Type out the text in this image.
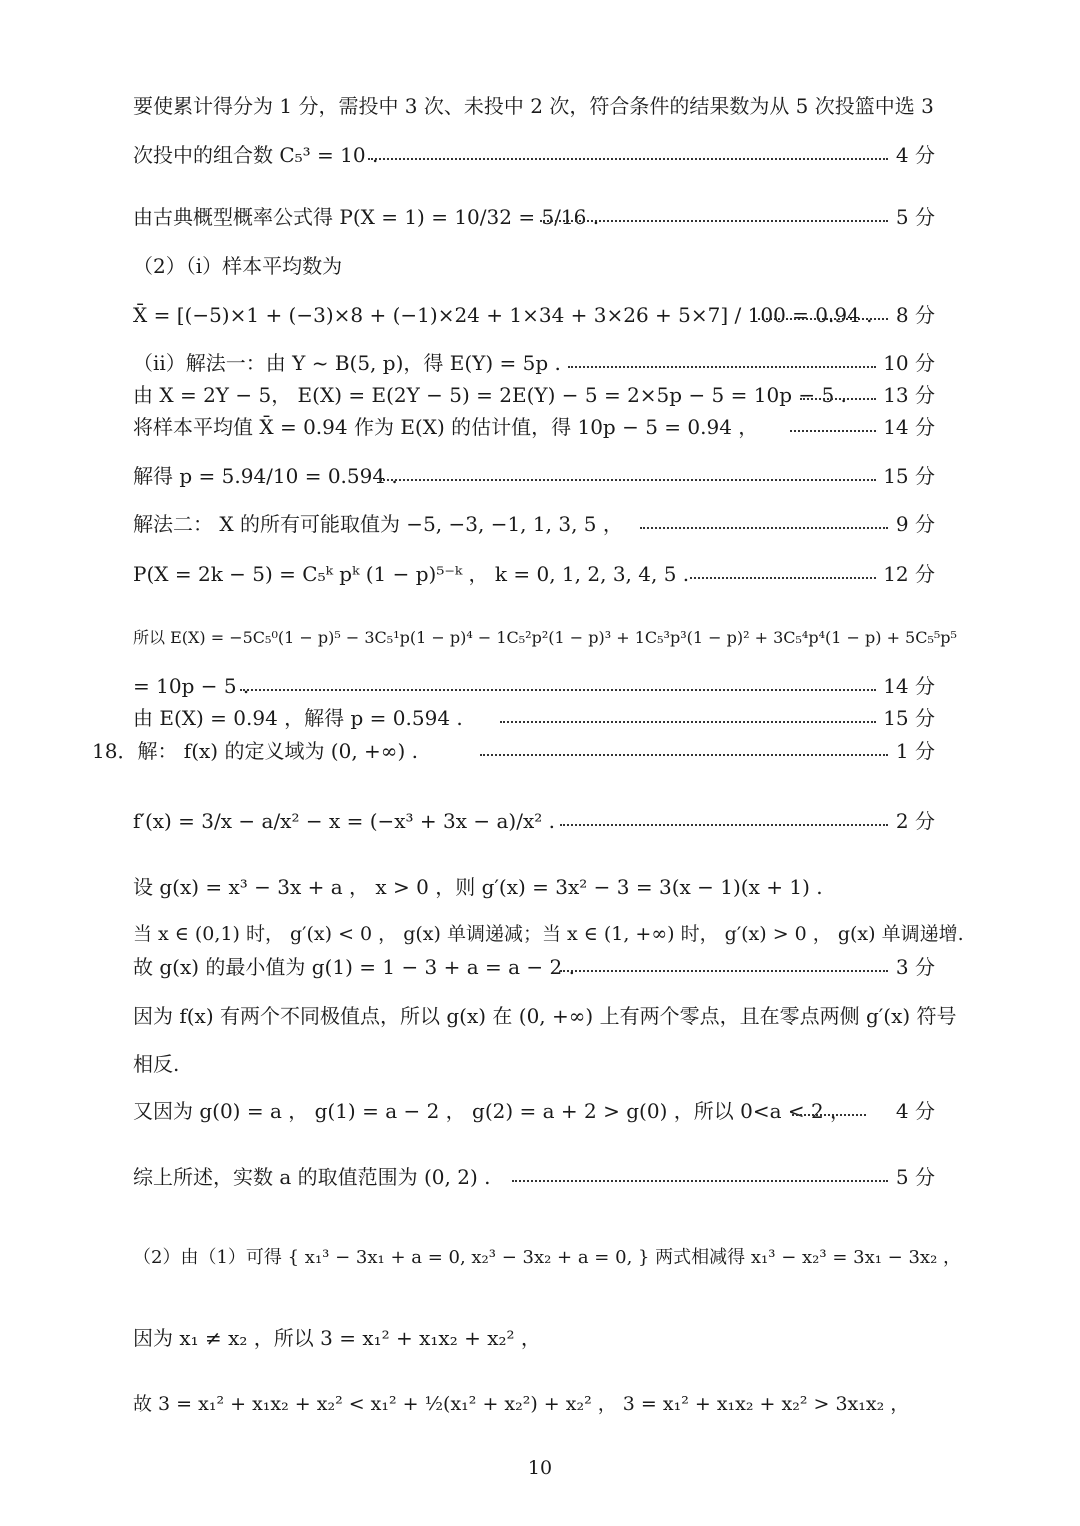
要使累计得分为 1 分，需投中 3 次、未投中 2 次，符合条件的结果数为从 5 次投篮中选 3
次投中的组合数 C₅³ = 10 .	4 分
由古典概型概率公式得 P(X = 1) = 10/32 = 5/16 .	5 分
（2）（i）样本平均数为
X̄ = [(−5)×1 + (−3)×8 + (−1)×24 + 1×34 + 3×26 + 5×7] / 100 = 0.94 . 8 分
（ii）解法一：由 Y ~ B(5, p)，得 E(Y) = 5p .	10 分
由 X = 2Y − 5， E(X) = E(2Y − 5) = 2E(Y) − 5 = 2×5p − 5 = 10p − 5 . 13 分
将样本平均值 X̄ = 0.94 作为 E(X) 的估计值，得 10p − 5 = 0.94 ，	14 分
解得 p = 5.94/10 = 0.594 .	15 分
解法二： X 的所有可能取值为 −5, −3, −1, 1, 3, 5 ，	9 分
P(X = 2k − 5) = C₅ᵏ pᵏ (1 − p)⁵⁻ᵏ ， k = 0, 1, 2, 3, 4, 5 .	12 分
所以 E(X) = −5C₅⁰(1 − p)⁵ − 3C₅¹p(1 − p)⁴ − 1C₅²p²(1 − p)³ + 1C₅³p³(1 − p)² + 3C₅⁴p⁴(1 − p) + 5C₅⁵p⁵
= 10p − 5 .	14 分
由 E(X) = 0.94 ，解得 p = 0.594 .	15 分
18．解： f(x) 的定义域为 (0, +∞) .	1 分
f′(x) = 3/x − a/x² − x = (−x³ + 3x − a)/x² .	2 分
设 g(x) = x³ − 3x + a ， x > 0 ，则 g′(x) = 3x² − 3 = 3(x − 1)(x + 1) .
当 x ∈ (0,1) 时， g′(x) < 0 ， g(x) 单调递减；当 x ∈ (1, +∞) 时， g′(x) > 0 ， g(x) 单调递增.
故 g(x) 的最小值为 g(1) = 1 − 3 + a = a − 2 .	3 分
因为 f(x) 有两个不同极值点，所以 g(x) 在 (0, +∞) 上有两个零点，且在零点两侧 g′(x) 符号
相反.
又因为 g(0) = a ， g(1) = a − 2 ， g(2) = a + 2 > g(0) ，所以 0<a < 2 ， 4 分
综上所述，实数 a 的取值范围为 (0, 2) .	5 分
（2）由（1）可得 { x₁³ − 3x₁ + a = 0, x₂³ − 3x₂ + a = 0, } 两式相减得 x₁³ − x₂³ = 3x₁ − 3x₂ ，
因为 x₁ ≠ x₂ ，所以 3 = x₁² + x₁x₂ + x₂² ，
故 3 = x₁² + x₁x₂ + x₂² < x₁² + ½(x₁² + x₂²) + x₂² ， 3 = x₁² + x₁x₂ + x₂² > 3x₁x₂ ，
10
